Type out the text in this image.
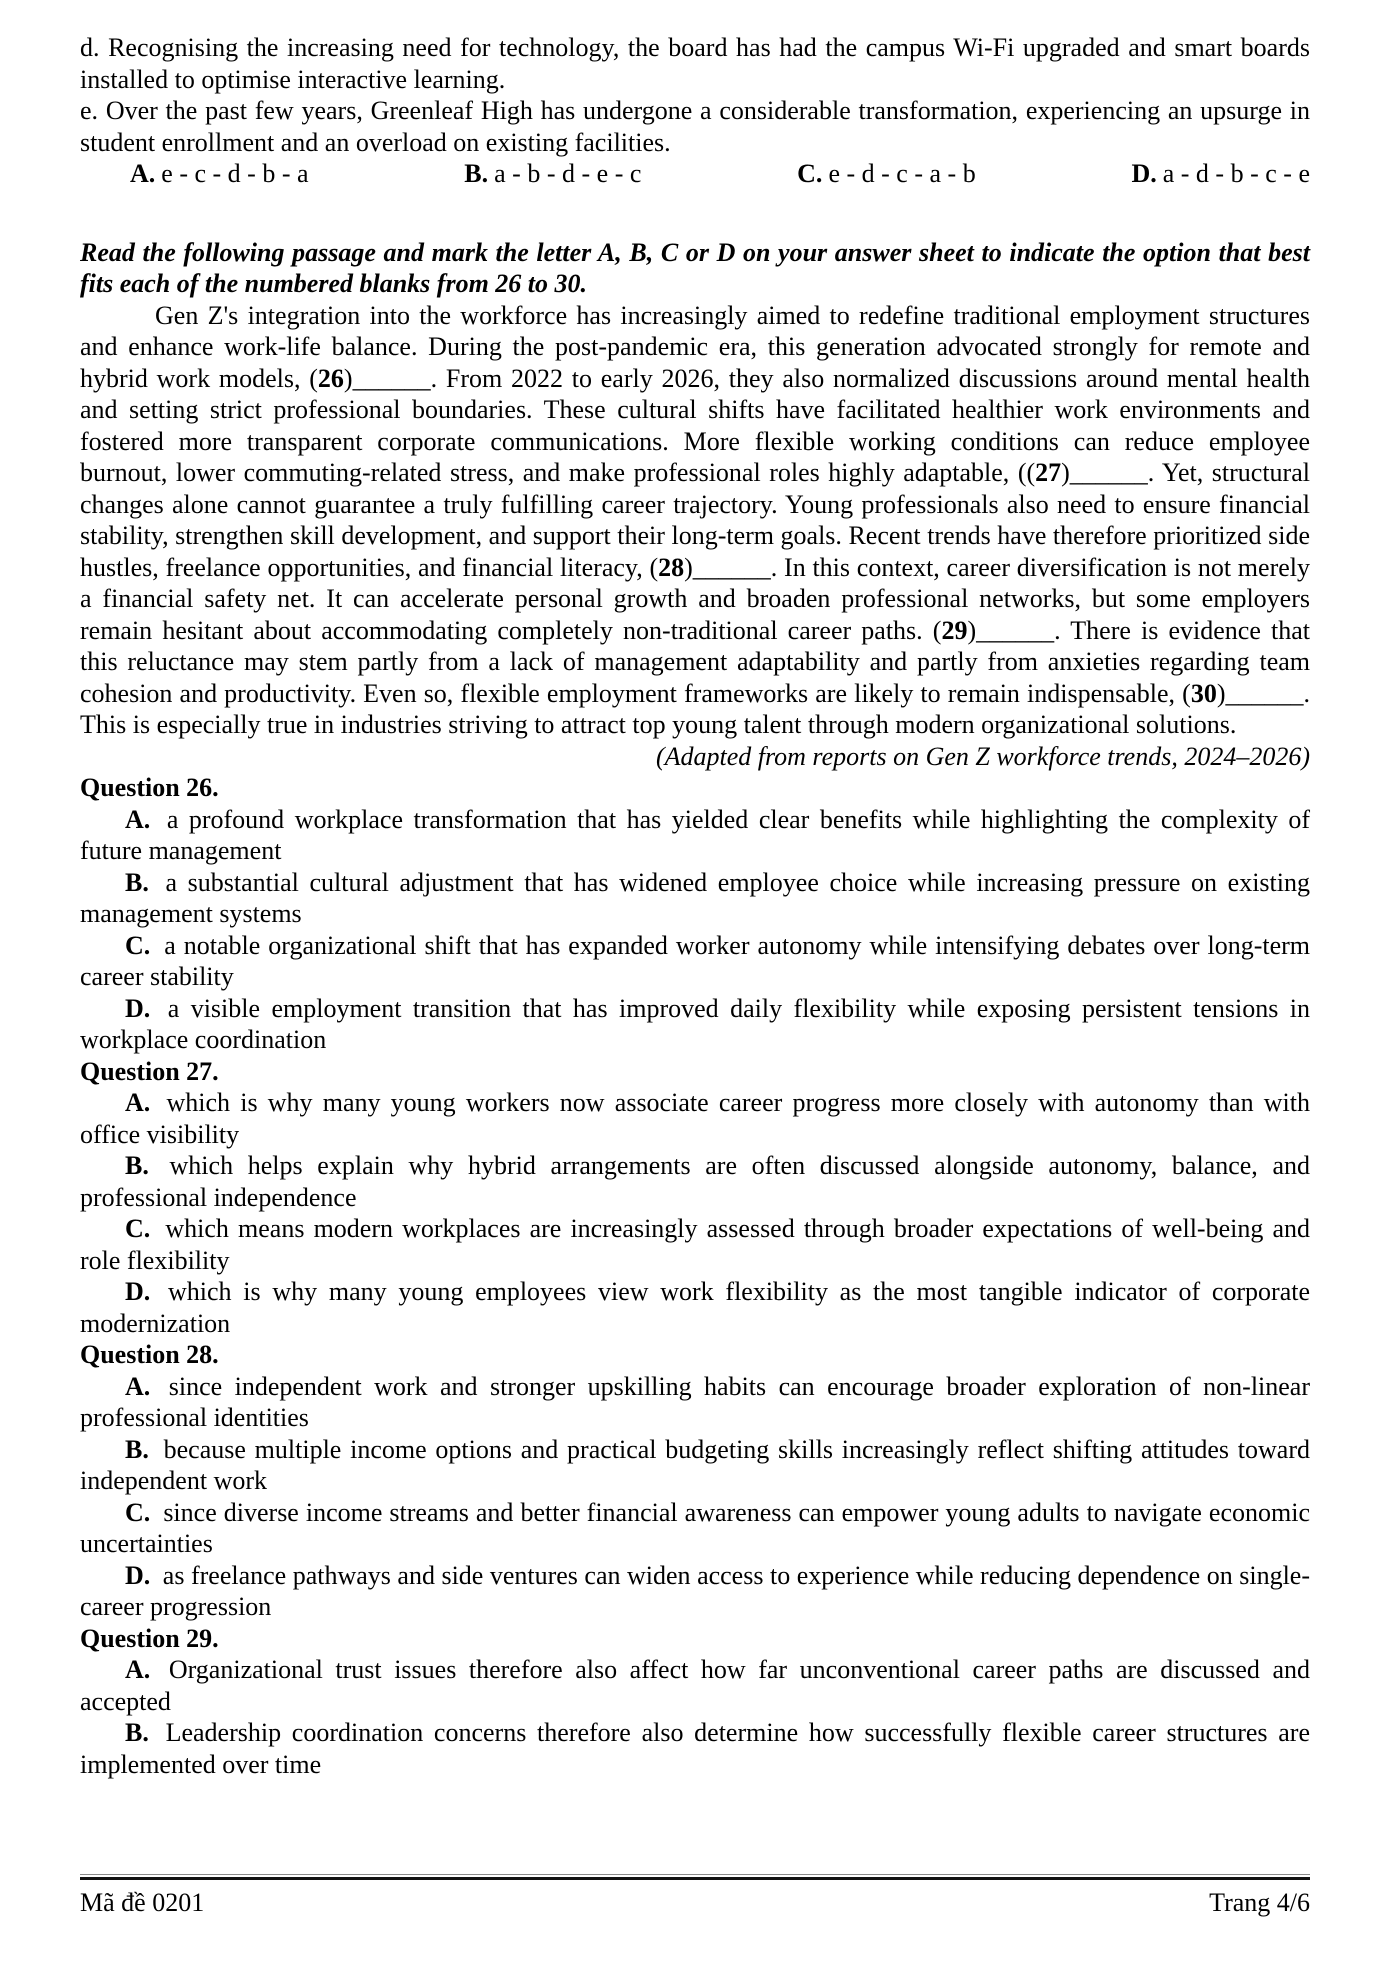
d. Recognising the increasing need for technology, the board has had the campus Wi-Fi upgraded and smart boards installed to optimise interactive learning.

e. Over the past few years, Greenleaf High has undergone a considerable transformation, experiencing an upsurge in student enrollment and an overload on existing facilities.

A. e - c - d - b - a	B. a - b - d - e - c	C. e - d - c - a - b	D. a - d - b - c - e

Read the following passage and mark the letter A, B, C or D on your answer sheet to indicate the option that best fits each of the numbered blanks from 26 to 30.

Gen Z's integration into the workforce has increasingly aimed to redefine traditional employment structures and enhance work-life balance. During the post-pandemic era, this generation advocated strongly for remote and hybrid work models, (26)______. From 2022 to early 2026, they also normalized discussions around mental health and setting strict professional boundaries. These cultural shifts have facilitated healthier work environments and fostered more transparent corporate communications. More flexible working conditions can reduce employee burnout, lower commuting-related stress, and make professional roles highly adaptable, ((27)______. Yet, structural changes alone cannot guarantee a truly fulfilling career trajectory. Young professionals also need to ensure financial stability, strengthen skill development, and support their long-term goals. Recent trends have therefore prioritized side hustles, freelance opportunities, and financial literacy, (28)______. In this context, career diversification is not merely a financial safety net. It can accelerate personal growth and broaden professional networks, but some employers remain hesitant about accommodating completely non-traditional career paths. (29)______. There is evidence that this reluctance may stem partly from a lack of management adaptability and partly from anxieties regarding team cohesion and productivity. Even so, flexible employment frameworks are likely to remain indispensable, (30)______. This is especially true in industries striving to attract top young talent through modern organizational solutions.

(Adapted from reports on Gen Z workforce trends, 2024–2026)

Question 26.

A. a profound workplace transformation that has yielded clear benefits while highlighting the complexity of future management

B. a substantial cultural adjustment that has widened employee choice while increasing pressure on existing management systems

C. a notable organizational shift that has expanded worker autonomy while intensifying debates over long-term career stability

D. a visible employment transition that has improved daily flexibility while exposing persistent tensions in workplace coordination

Question 27.

A. which is why many young workers now associate career progress more closely with autonomy than with office visibility

B. which helps explain why hybrid arrangements are often discussed alongside autonomy, balance, and professional independence

C. which means modern workplaces are increasingly assessed through broader expectations of well-being and role flexibility

D. which is why many young employees view work flexibility as the most tangible indicator of corporate modernization

Question 28.

A. since independent work and stronger upskilling habits can encourage broader exploration of non-linear professional identities

B. because multiple income options and practical budgeting skills increasingly reflect shifting attitudes toward independent work

C. since diverse income streams and better financial awareness can empower young adults to navigate economic uncertainties

D. as freelance pathways and side ventures can widen access to experience while reducing dependence on single-career progression

Question 29.

A. Organizational trust issues therefore also affect how far unconventional career paths are discussed and accepted

B. Leadership coordination concerns therefore also determine how successfully flexible career structures are implemented over time

Mã đề 0201	Trang 4/6
